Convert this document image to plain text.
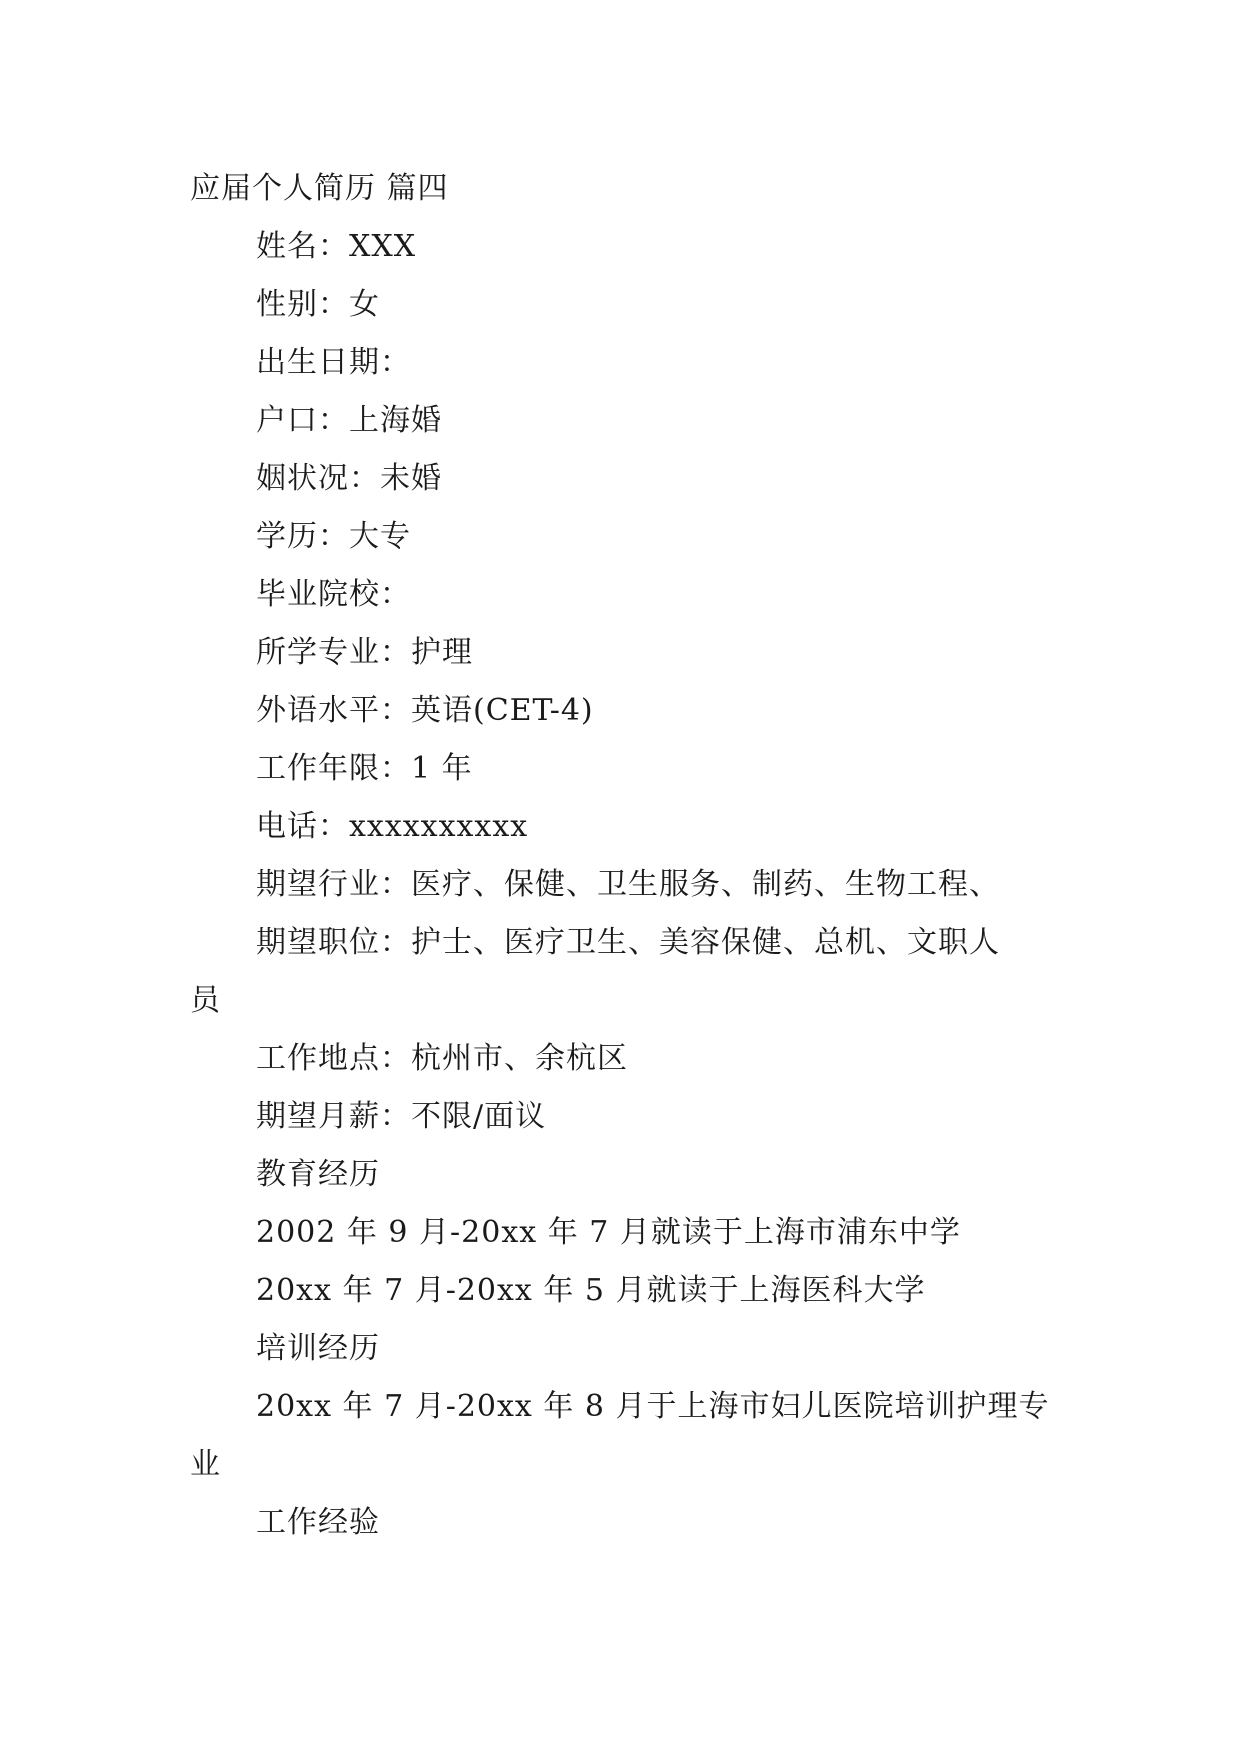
应届个人简历 篇四
姓名：XXX
性别：女
出生日期：
户口：上海婚
姻状况：未婚
学历：大专
毕业院校：
所学专业：护理
外语水平：英语(CET-4)
工作年限：1 年
电话：xxxxxxxxxx
期望行业：医疗、保健、卫生服务、制药、生物工程、
期望职位：护士、医疗卫生、美容保健、总机、文职人
员
工作地点：杭州市、余杭区
期望月薪：不限/面议
教育经历
2002 年 9 月-20xx 年 7 月就读于上海市浦东中学
20xx 年 7 月-20xx 年 5 月就读于上海医科大学
培训经历
20xx 年 7 月-20xx 年 8 月于上海市妇儿医院培训护理专
业
工作经验
